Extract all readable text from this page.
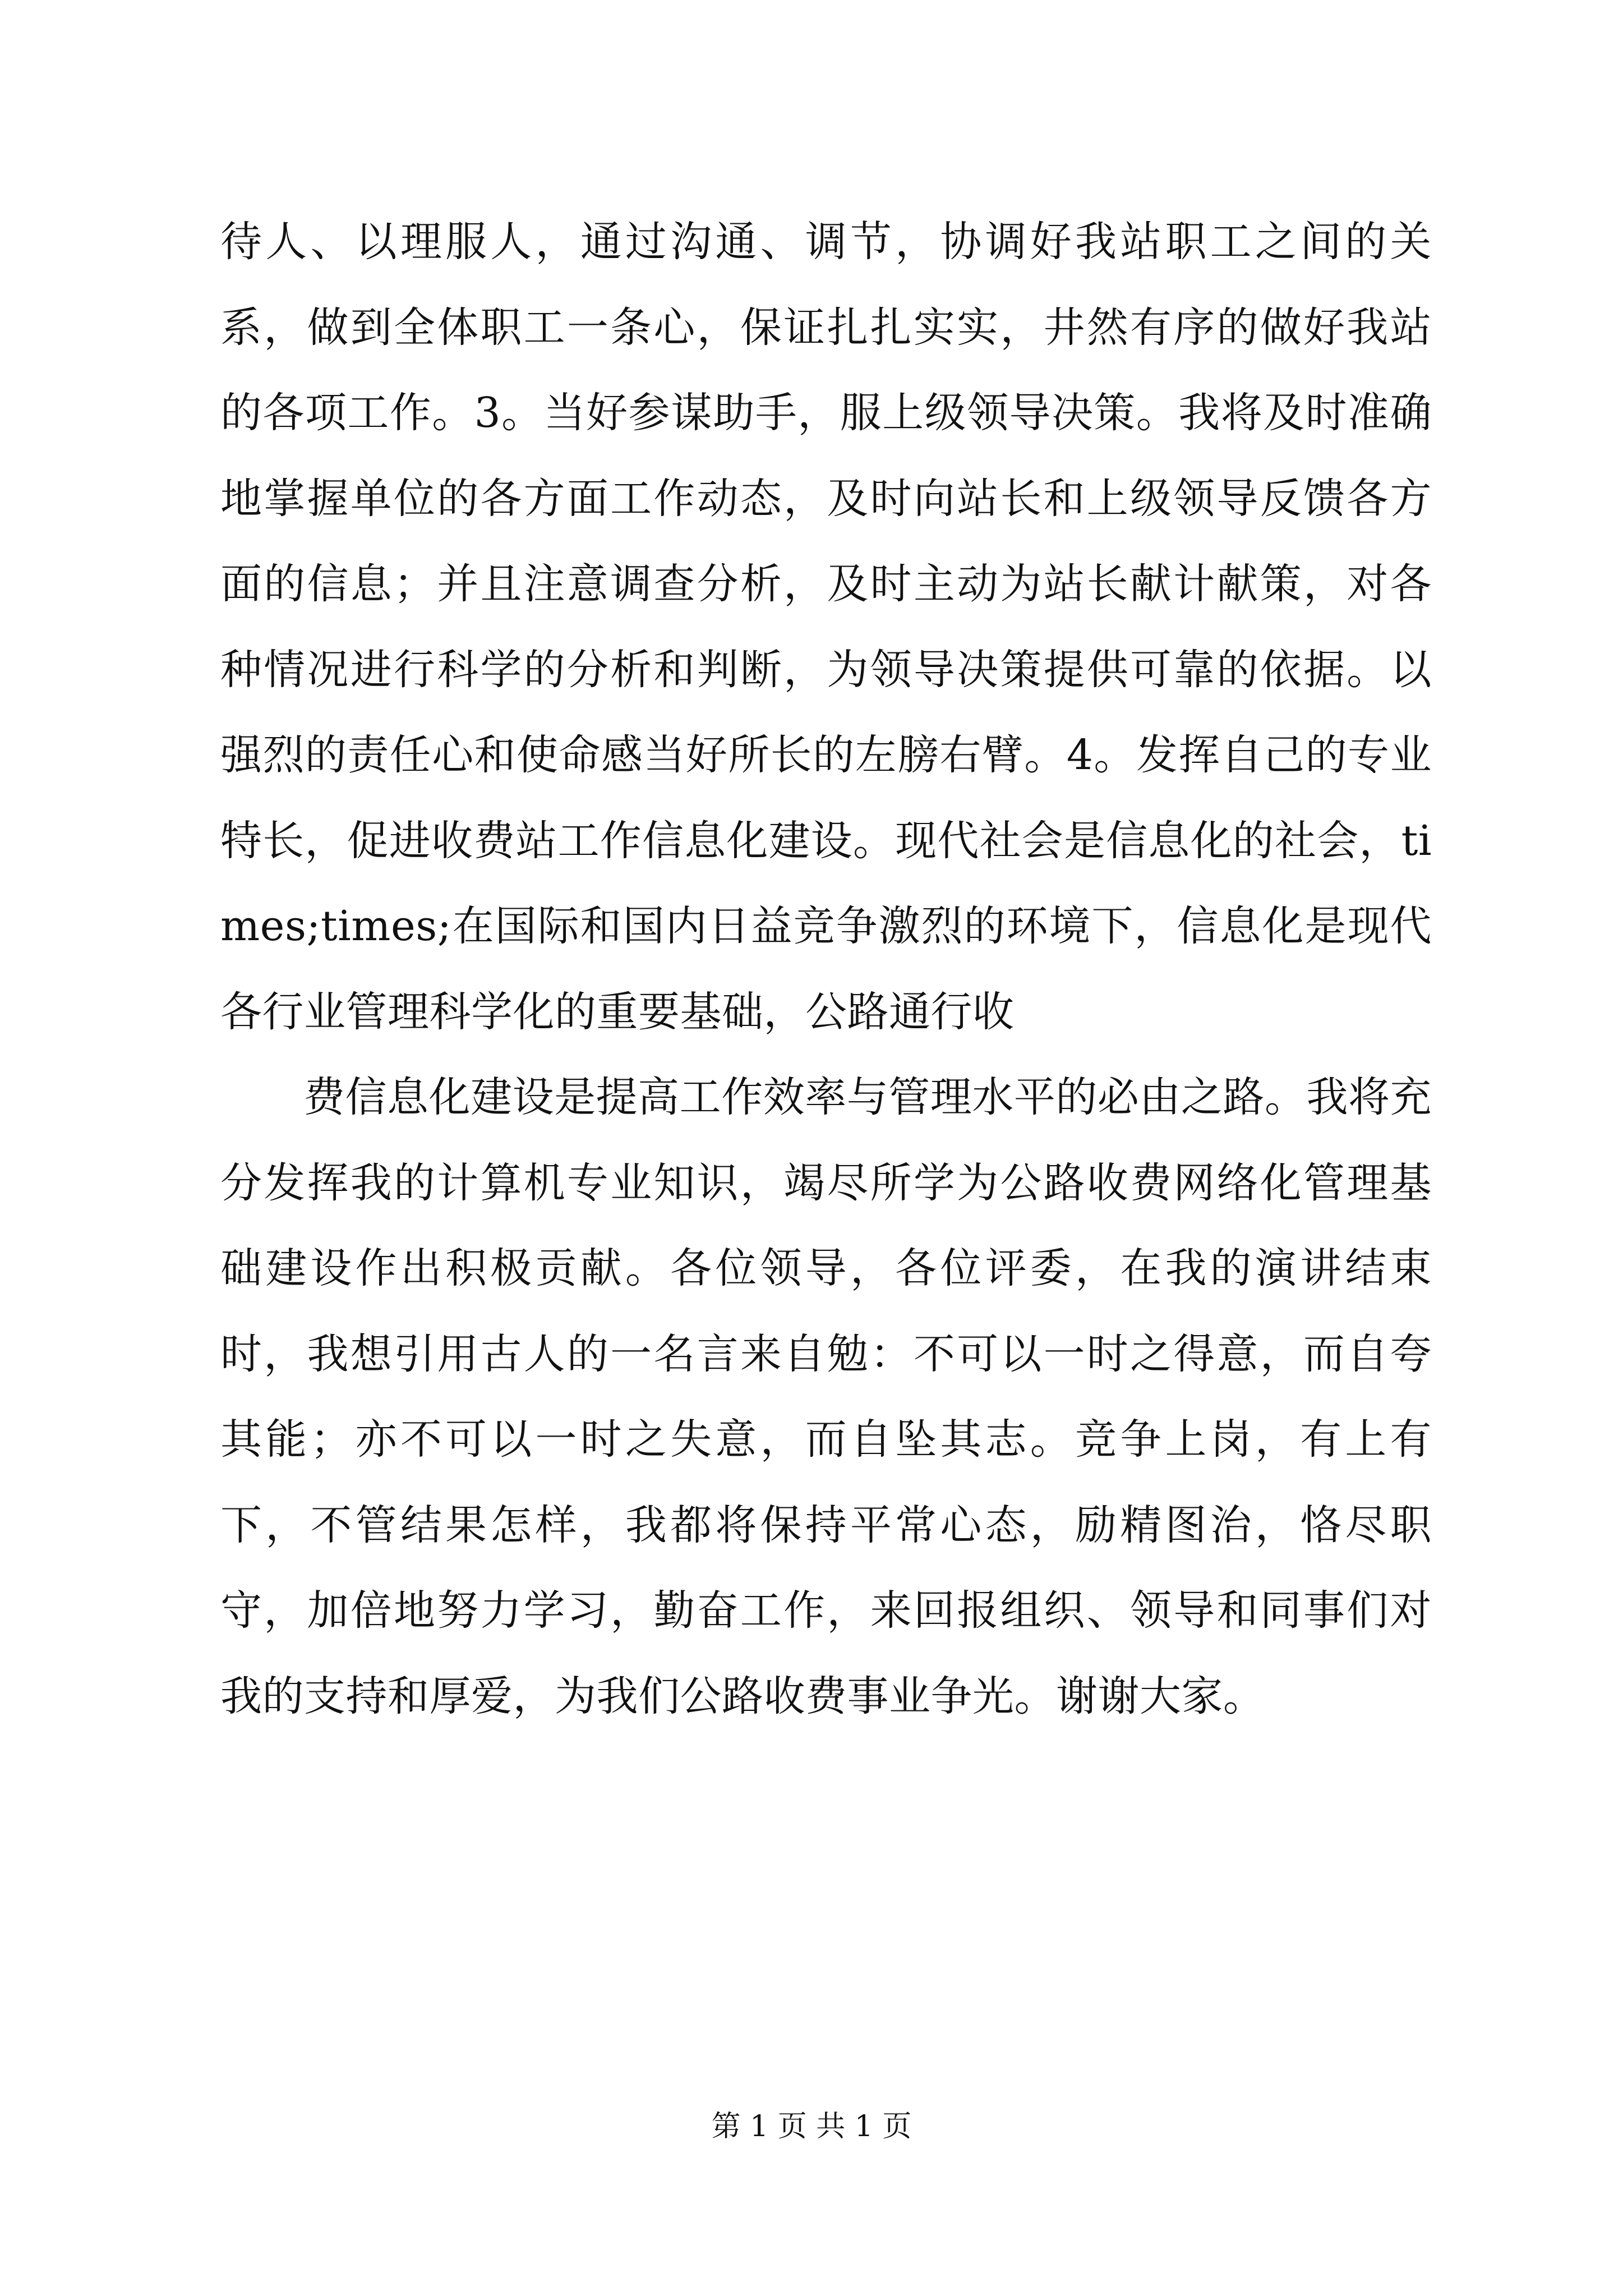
待人、以理服人，通过沟通、调节，协调好我站职工之间的关系，做到全体职工一条心，保证扎扎实实，井然有序的做好我站的各项工作。3。当好参谋助手，服上级领导决策。我将及时准确地掌握单位的各方面工作动态，及时向站长和上级领导反馈各方面的信息；并且注意调查分析，及时主动为站长献计献策，对各种情况进行科学的分析和判断，为领导决策提供可靠的依据。以强烈的责任心和使命感当好所长的左膀右臂。4。发挥自己的专业特长，促进收费站工作信息化建设。现代社会是信息化的社会，times;times;在国际和国内日益竞争激烈的环境下，信息化是现代各行业管理科学化的重要基础，公路通行收

费信息化建设是提高工作效率与管理水平的必由之路。我将充分发挥我的计算机专业知识，竭尽所学为公路收费网络化管理基础建设作出积极贡献。各位领导，各位评委，在我的演讲结束时，我想引用古人的一名言来自勉：不可以一时之得意，而自夸其能；亦不可以一时之失意，而自坠其志。竞争上岗，有上有下，不管结果怎样，我都将保持平常心态，励精图治，恪尽职守，加倍地努力学习，勤奋工作，来回报组织、领导和同事们对我的支持和厚爱，为我们公路收费事业争光。谢谢大家。

第 1 页 共 1 页
